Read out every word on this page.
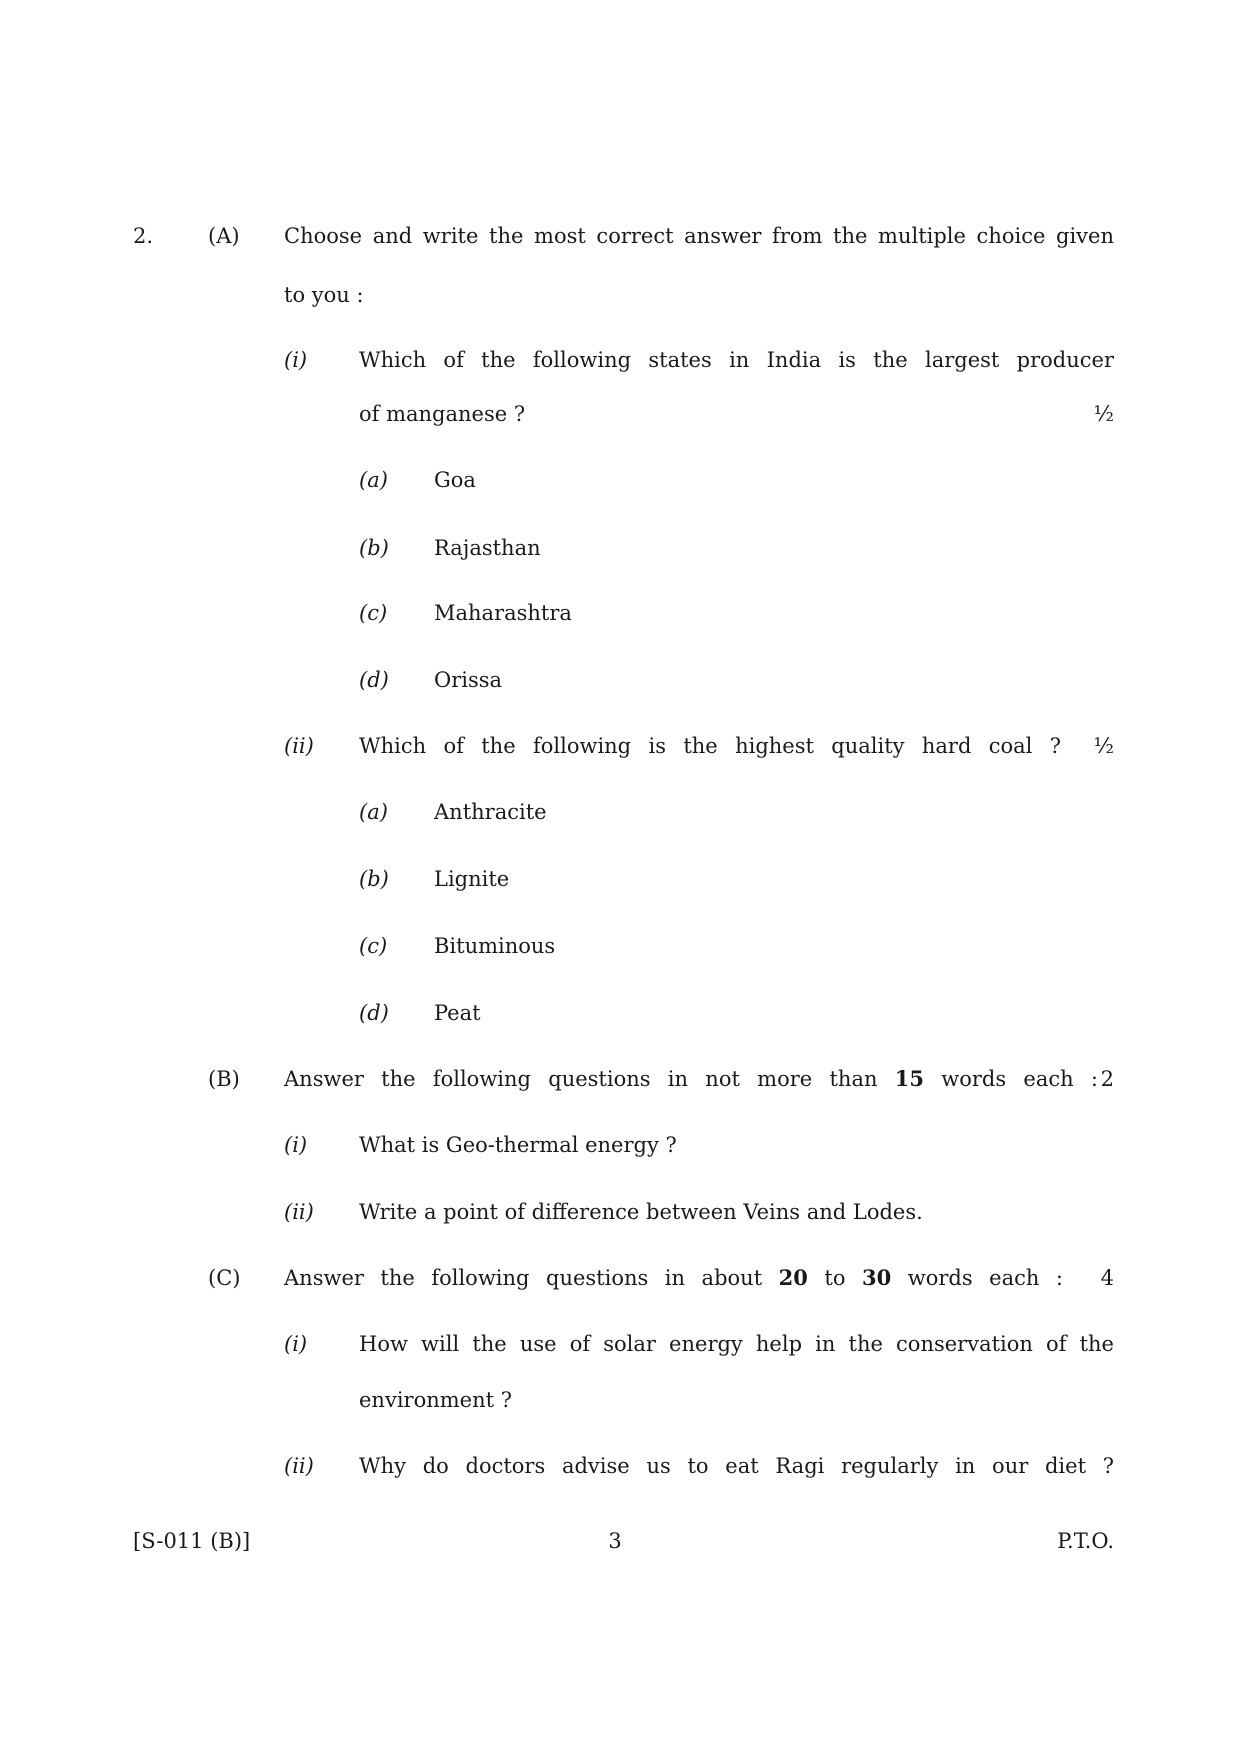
2.	(A) Choose and write the most correct answer from the multiple choice given
to you :
(i) Which of the following states in India is the largest producer
of manganese ?	½
(a) Goa
(b) Rajasthan
(c) Maharashtra
(d) Orissa
(ii) Which of the following is the highest quality hard coal ? ½
(a) Anthracite
(b) Lignite
(c) Bituminous
(d) Peat
(B) Answer the following questions in not more than 15 words each : 2
(i) What is Geo-thermal energy ?
(ii) Write a point of difference between Veins and Lodes.
(C) Answer the following questions in about 20 to 30 words each : 4
(i) How will the use of solar energy help in the conservation of the
environment ?
(ii) Why do doctors advise us to eat Ragi regularly in our diet ?
[S-011 (B)]	3	P.T.O.
